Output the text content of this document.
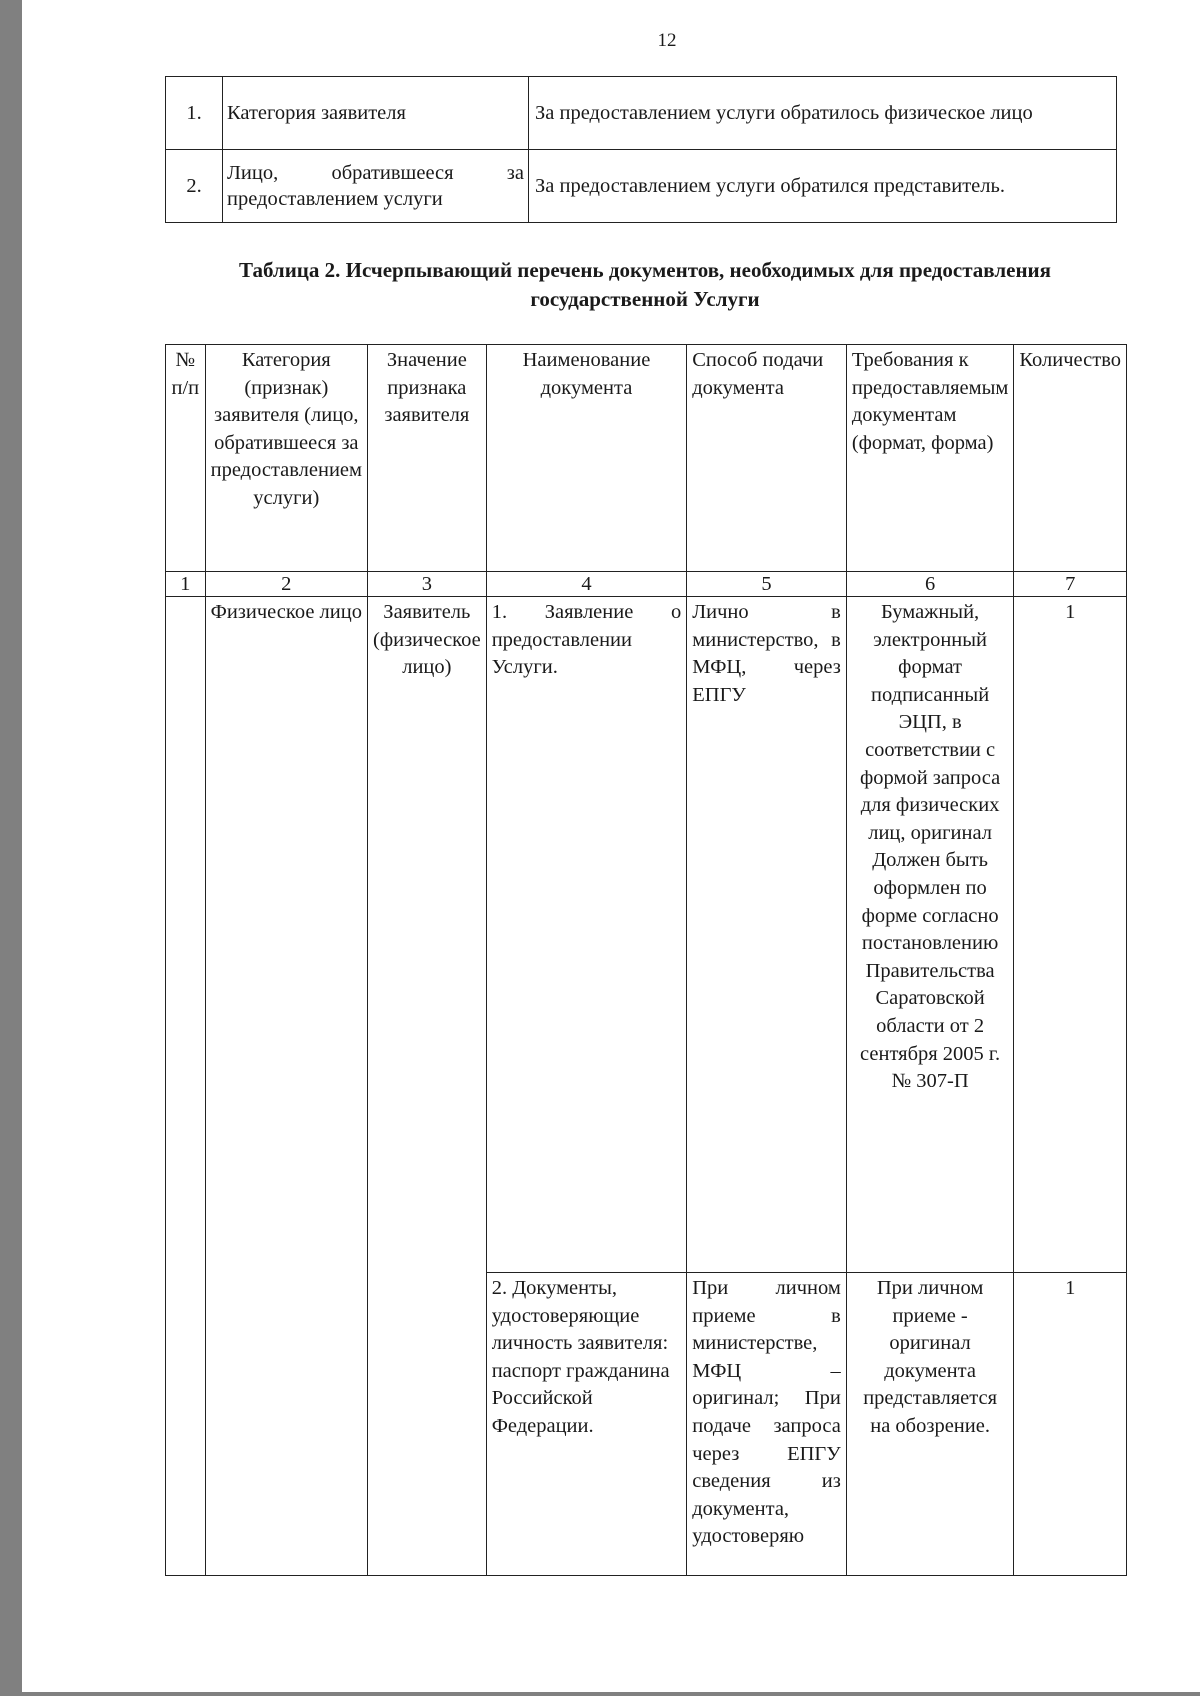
12
1.	Категория заявителя	За предоставлением услуги обратилось физическое лицо
2.	Лицо, обратившееся за предоставлением услуги	За предоставлением услуги обратился представитель.
Таблица 2. Исчерпывающий перечень документов, необходимых для предоставления государственной Услуги
№ п/п	Категория (признак) заявителя (лицо, обратившееся за предоставлением услуги)	Значение признака заявителя	Наименование документа	Способ подачи документа	Требования к предоставляемым документам (формат, форма)	Количество
1	2	3	4	5	6	7
	Физическое лицо	Заявитель (физическое лицо)	1. Заявление о предоставлении Услуги.	Лично в министерство, в МФЦ, через ЕПГУ	Бумажный, электронный формат подписанный ЭЦП, в соответствии с формой запроса для физических лиц, оригинал Должен быть оформлен по форме согласно постановлению Правительства Саратовской области от 2 сентября 2005 г. № 307-П	1
			2. Документы, удостоверяющие личность заявителя: паспорт гражданина Российской Федерации.	При личном приеме в министерстве, МФЦ – оригинал; При подаче запроса через ЕПГУ сведения из документа, удостоверяю	При личном приеме - оригинал документа представляется на обозрение.	1
